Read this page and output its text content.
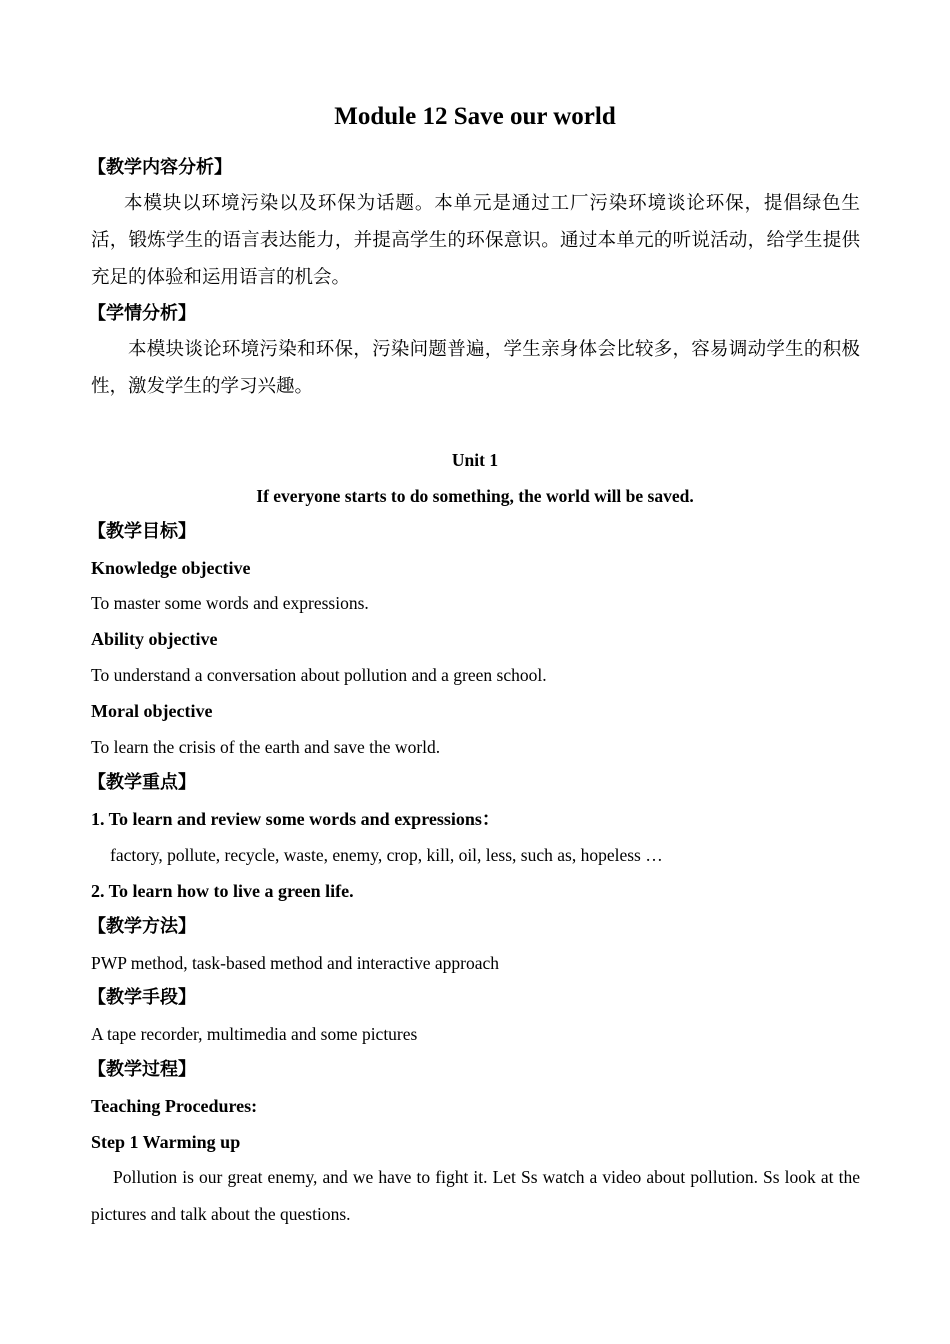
Module 12 Save our world
【教学内容分析】
本模块以环境污染以及环保为话题。本单元是通过工厂污染环境谈论环保，提倡绿色生活，锻炼学生的语言表达能力，并提高学生的环保意识。通过本单元的听说活动，给学生提供充足的体验和运用语言的机会。
【学情分析】
本模块谈论环境污染和环保，污染问题普遍，学生亲身体会比较多，容易调动学生的积极性，激发学生的学习兴趣。
Unit 1
If everyone starts to do something, the world will be saved.
【教学目标】
Knowledge objective
To master some words and expressions.
Ability objective
To understand a conversation about pollution and a green school.
Moral objective
To learn the crisis of the earth and save the world.
【教学重点】
1. To learn and review some words and expressions：
factory, pollute, recycle, waste, enemy, crop, kill, oil, less, such as, hopeless …
2. To learn how to live a green life.
【教学方法】
PWP method, task-based method and interactive approach
【教学手段】
A tape recorder, multimedia and some pictures
【教学过程】
Teaching Procedures:
Step 1 Warming up
Pollution is our great enemy, and we have to fight it. Let Ss watch a video about pollution. Ss look at the pictures and talk about the questions.
